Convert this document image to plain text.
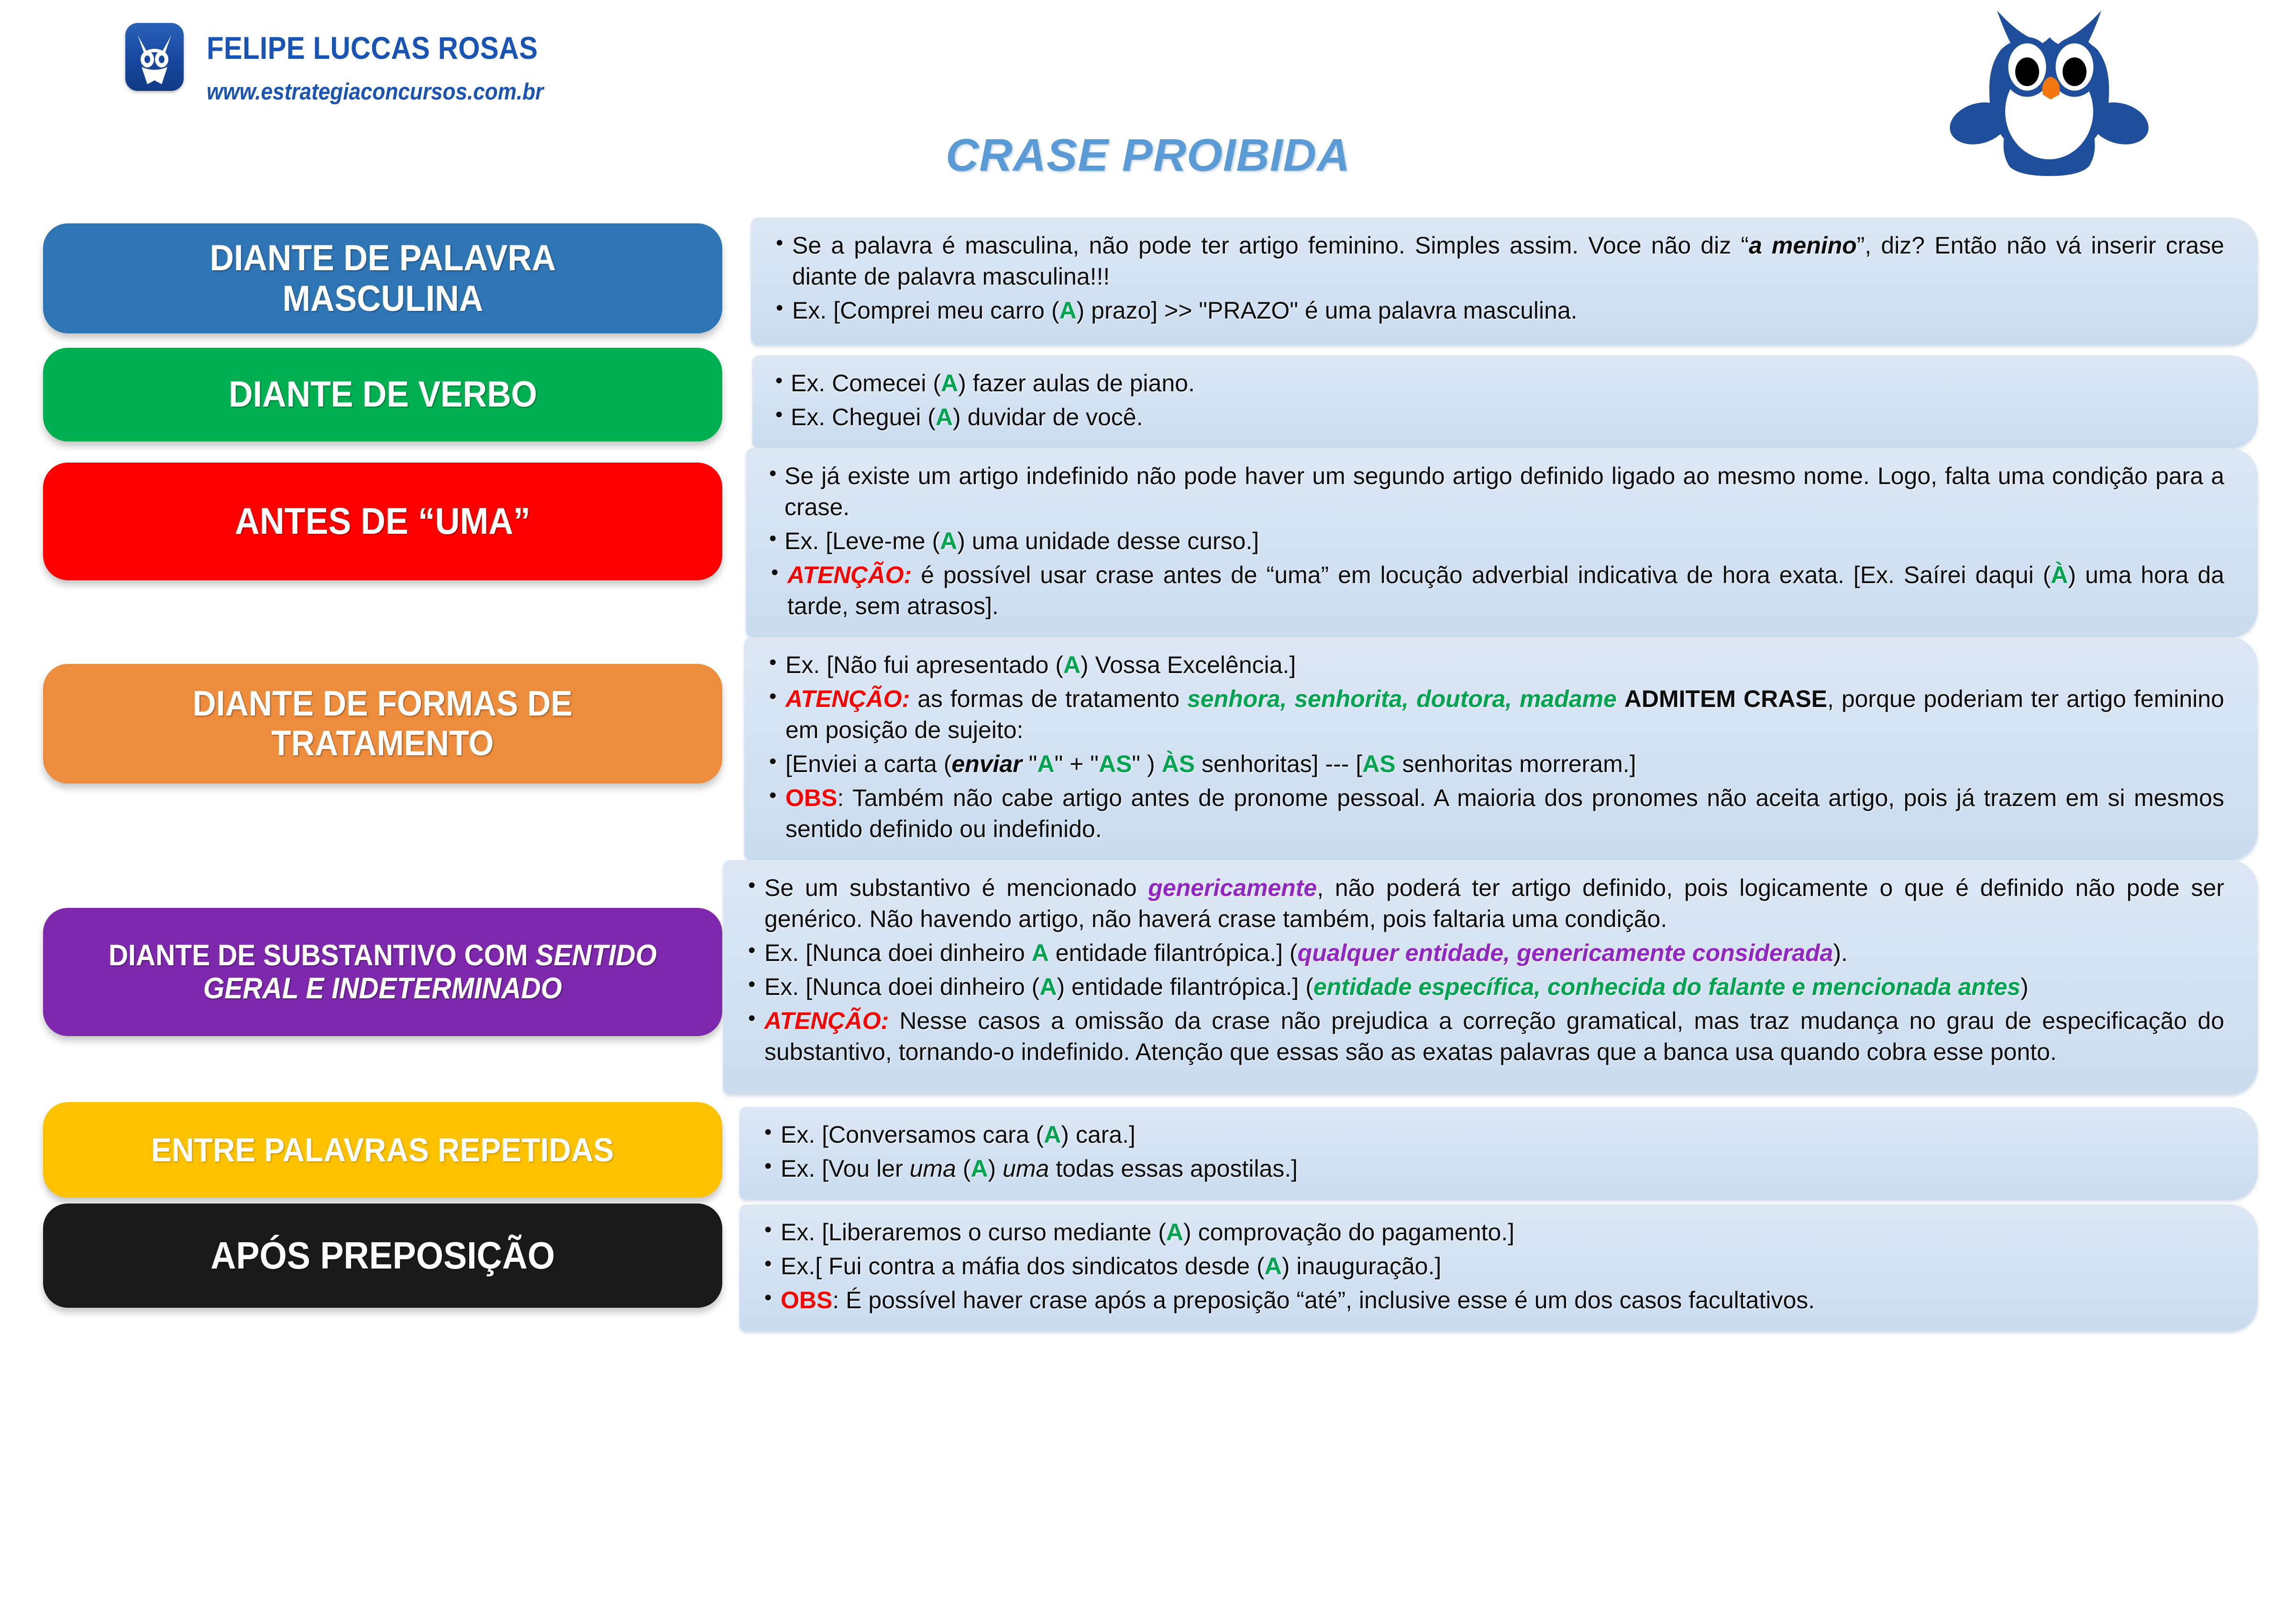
FELIPE LUCCAS ROSAS
www.estrategiaconcursos.com.br
CRASE PROIBIDA
DIANTE DE PALAVRA
MASCULINA
• Se a palavra é masculina, não pode ter artigo feminino. Simples assim. Voce não diz “a menino”, diz? Então não vá inserir crase diante de palavra masculina!!!
• Ex. [Comprei meu carro (A) prazo] >> "PRAZO" é uma palavra masculina.
DIANTE DE VERBO	• Ex. Comecei (A) fazer aulas de piano.
• Ex. Cheguei (A) duvidar de você.
ANTES DE “UMA”
• Se já existe um artigo indefinido não pode haver um segundo artigo definido ligado ao mesmo nome. Logo, falta uma condição para a crase.
• Ex. [Leve-me (A) uma unidade desse curso.]
• ATENÇÃO: é possível usar crase antes de “uma” em locução adverbial indicativa de hora exata. [Ex. Saírei daqui (À) uma hora da tarde, sem atrasos].
DIANTE DE FORMAS DE
TRATAMENTO
• Ex. [Não fui apresentado (A) Vossa Excelência.]
• ATENÇÃO: as formas de tratamento senhora, senhorita, doutora, madame ADMITEM CRASE, porque poderiam ter artigo feminino em posição de sujeito:
• [Enviei a carta (enviar "A" + "AS" ) ÀS senhoritas] --- [AS senhoritas morreram.]
• OBS: Também não cabe artigo antes de pronome pessoal. A maioria dos pronomes não aceita artigo, pois já trazem em si mesmos sentido definido ou indefinido.
DIANTE DE SUBSTANTIVO COM SENTIDO
GERAL E INDETERMINADO
• Se um substantivo é mencionado genericamente, não poderá ter artigo definido, pois logicamente o que é definido não pode ser genérico. Não havendo artigo, não haverá crase também, pois faltaria uma condição.
• Ex. [Nunca doei dinheiro A entidade filantrópica.] (qualquer entidade, genericamente considerada).
• Ex. [Nunca doei dinheiro (A) entidade filantrópica.] (entidade específica, conhecida do falante e mencionada antes)
• ATENÇÃO: Nesse casos a omissão da crase não prejudica a correção gramatical, mas traz mudança no grau de especificação do substantivo, tornando-o indefinido. Atenção que essas são as exatas palavras que a banca usa quando cobra esse ponto.
ENTRE PALAVRAS REPETIDAS	• Ex. [Conversamos cara (A) cara.]
• Ex. [Vou ler uma (A) uma todas essas apostilas.]
APÓS PREPOSIÇÃO
• Ex. [Liberaremos o curso mediante (A) comprovação do pagamento.]
• Ex.[ Fui contra a máfia dos sindicatos desde (A) inauguração.]
• OBS: É possível haver crase após a preposição “até”, inclusive esse é um dos casos facultativos.
